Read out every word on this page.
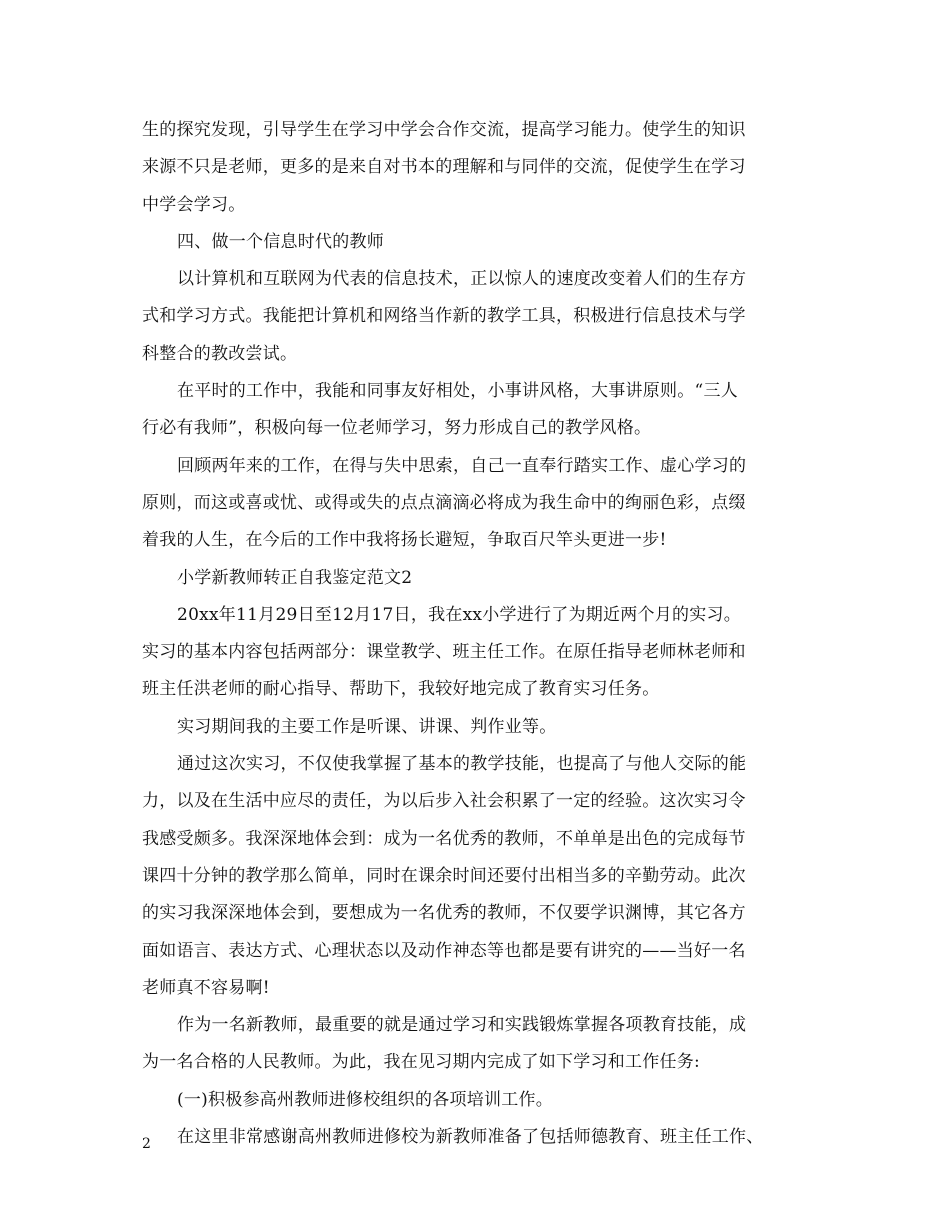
生的探究发现，引导学生在学习中学会合作交流，提高学习能力。使学生的知识
来源不只是老师，更多的是来自对书本的理解和与同伴的交流，促使学生在学习
中学会学习。
四、做一个信息时代的教师
以计算机和互联网为代表的信息技术，正以惊人的速度改变着人们的生存方
式和学习方式。我能把计算机和网络当作新的教学工具，积极进行信息技术与学
科整合的教改尝试。
在平时的工作中，我能和同事友好相处，小事讲风格，大事讲原则。“三人
行必有我师”，积极向每一位老师学习，努力形成自己的教学风格。
回顾两年来的工作，在得与失中思索，自己一直奉行踏实工作、虚心学习的
原则，而这或喜或忧、或得或失的点点滴滴必将成为我生命中的绚丽色彩，点缀
着我的人生，在今后的工作中我将扬长避短，争取百尺竿头更进一步!
小学新教师转正自我鉴定范文2
20xx年11月29日至12月17日，我在xx小学进行了为期近两个月的实习。
实习的基本内容包括两部分：课堂教学、班主任工作。在原任指导老师林老师和
班主任洪老师的耐心指导、帮助下，我较好地完成了教育实习任务。
实习期间我的主要工作是听课、讲课、判作业等。
通过这次实习，不仅使我掌握了基本的教学技能，也提高了与他人交际的能
力，以及在生活中应尽的责任，为以后步入社会积累了一定的经验。这次实习令
我感受颇多。我深深地体会到：成为一名优秀的教师，不单单是出色的完成每节
课四十分钟的教学那么简单，同时在课余时间还要付出相当多的辛勤劳动。此次
的实习我深深地体会到，要想成为一名优秀的教师，不仅要学识渊博，其它各方
面如语言、表达方式、心理状态以及动作神态等也都是要有讲究的——当好一名
老师真不容易啊!
作为一名新教师，最重要的就是通过学习和实践锻炼掌握各项教育技能，成
为一名合格的人民教师。为此，我在见习期内完成了如下学习和工作任务:
(一)积极参高州教师进修校组织的各项培训工作。
在这里非常感谢高州教师进修校为新教师准备了包括师德教育、班主任工作、
2
